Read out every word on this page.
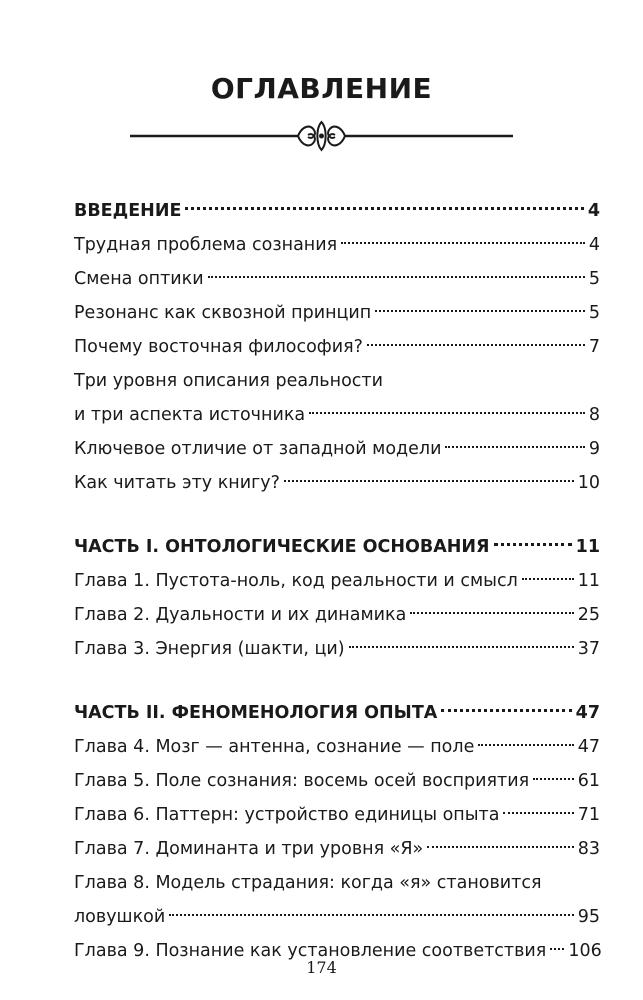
ОГЛАВЛЕНИЕ
ВВЕДЕНИЕ	4
Трудная проблема сознания	4
Смена оптики	5
Резонанс как сквозной принцип	5
Почему восточная философия?	7
Три уровня описания реальности
и три аспекта источника	8
Ключевое отличие от западной модели	9
Как читать эту книгу?	10
ЧАСТЬ I. ОНТОЛОГИЧЕСКИЕ ОСНОВАНИЯ	11
Глава 1. Пустота-ноль, код реальности и смысл	11
Глава 2. Дуальности и их динамика	25
Глава 3. Энергия (шакти, ци)	37
ЧАСТЬ II. ФЕНОМЕНОЛОГИЯ ОПЫТА	47
Глава 4. Мозг — антенна, сознание — поле	47
Глава 5. Поле сознания: восемь осей восприятия	61
Глава 6. Паттерн: устройство единицы опыта	71
Глава 7. Доминанта и три уровня «Я»	83
Глава 8. Модель страдания: когда «я» становится
ловушкой	95
Глава 9. Познание как установление соответствия 106
174
